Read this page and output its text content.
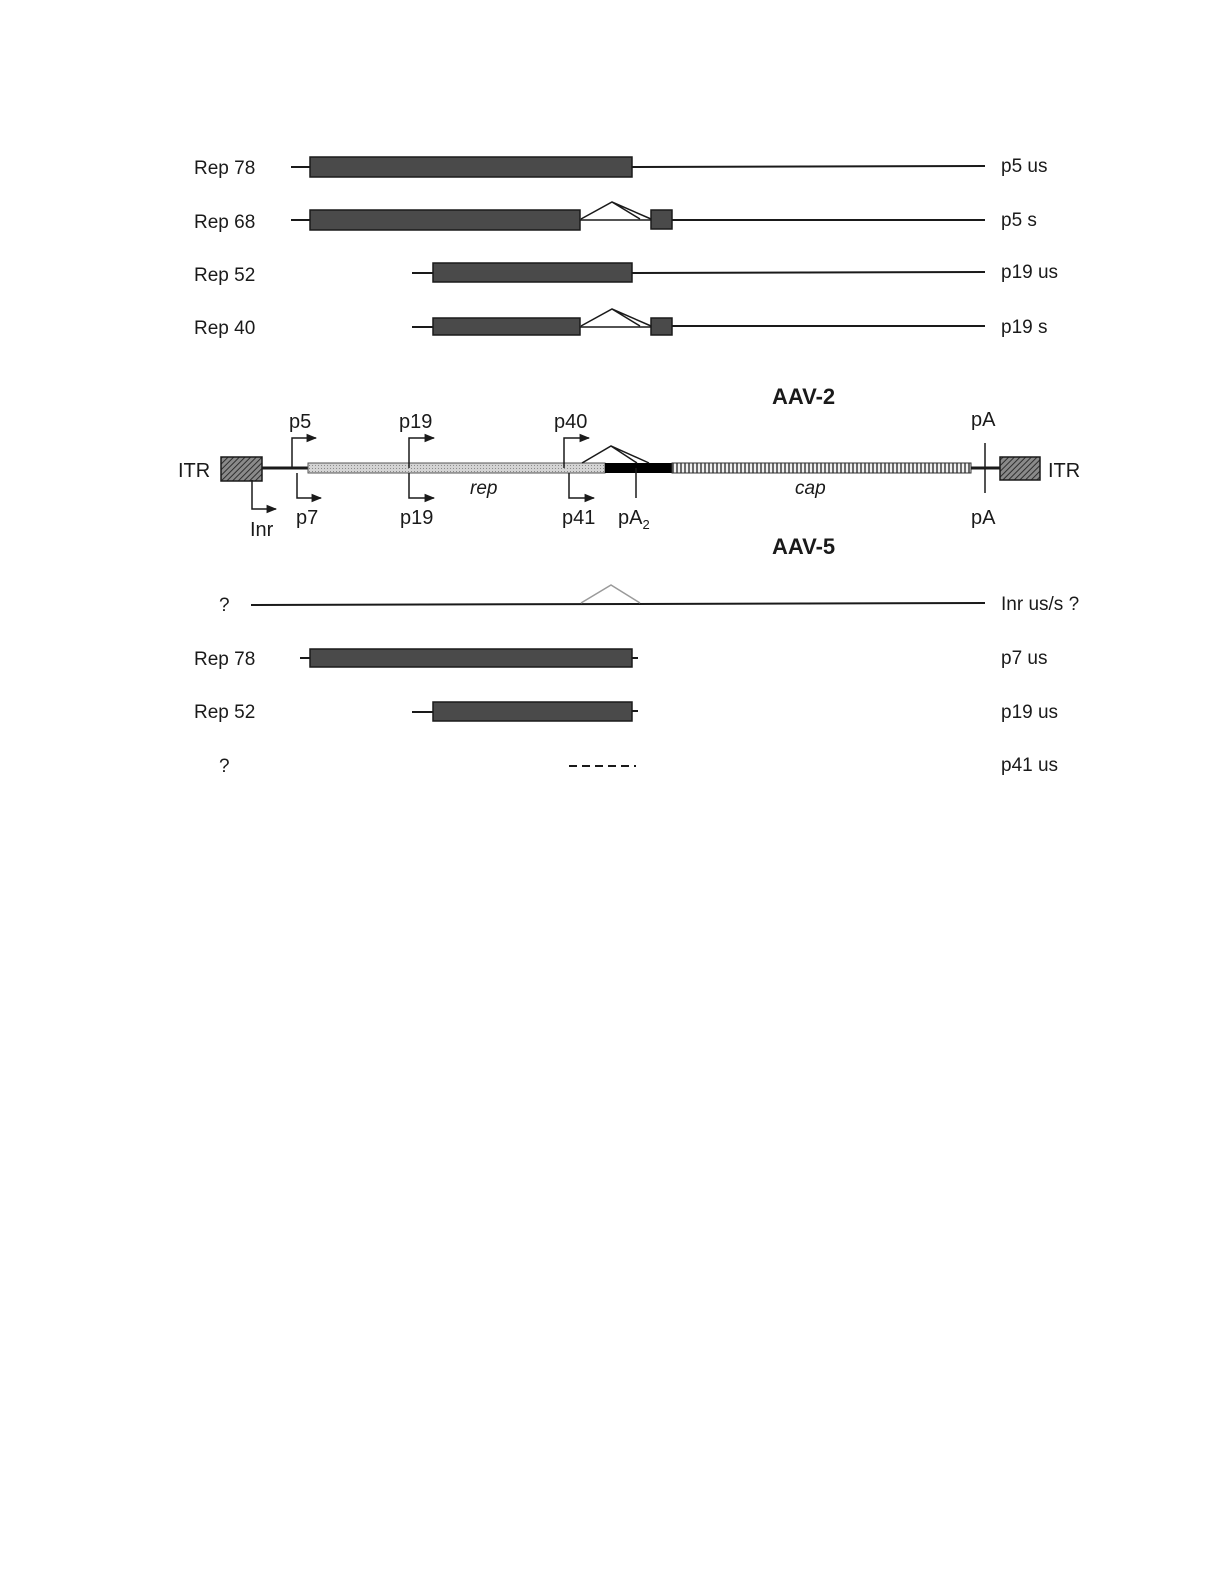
Rep 78	p5 us
Rep 68	p5 s
Rep 52	p19 us
Rep 40	p19 s
AAV-2
ITR	ITR
p5	p19	p40
Inr
p7	p19	p41 $pA_2$
rep	cap
pA
pA
AAV-5
?	Inr us/s ?
Rep 78	p7 us
Rep 52	p19 us
?	p41 us
